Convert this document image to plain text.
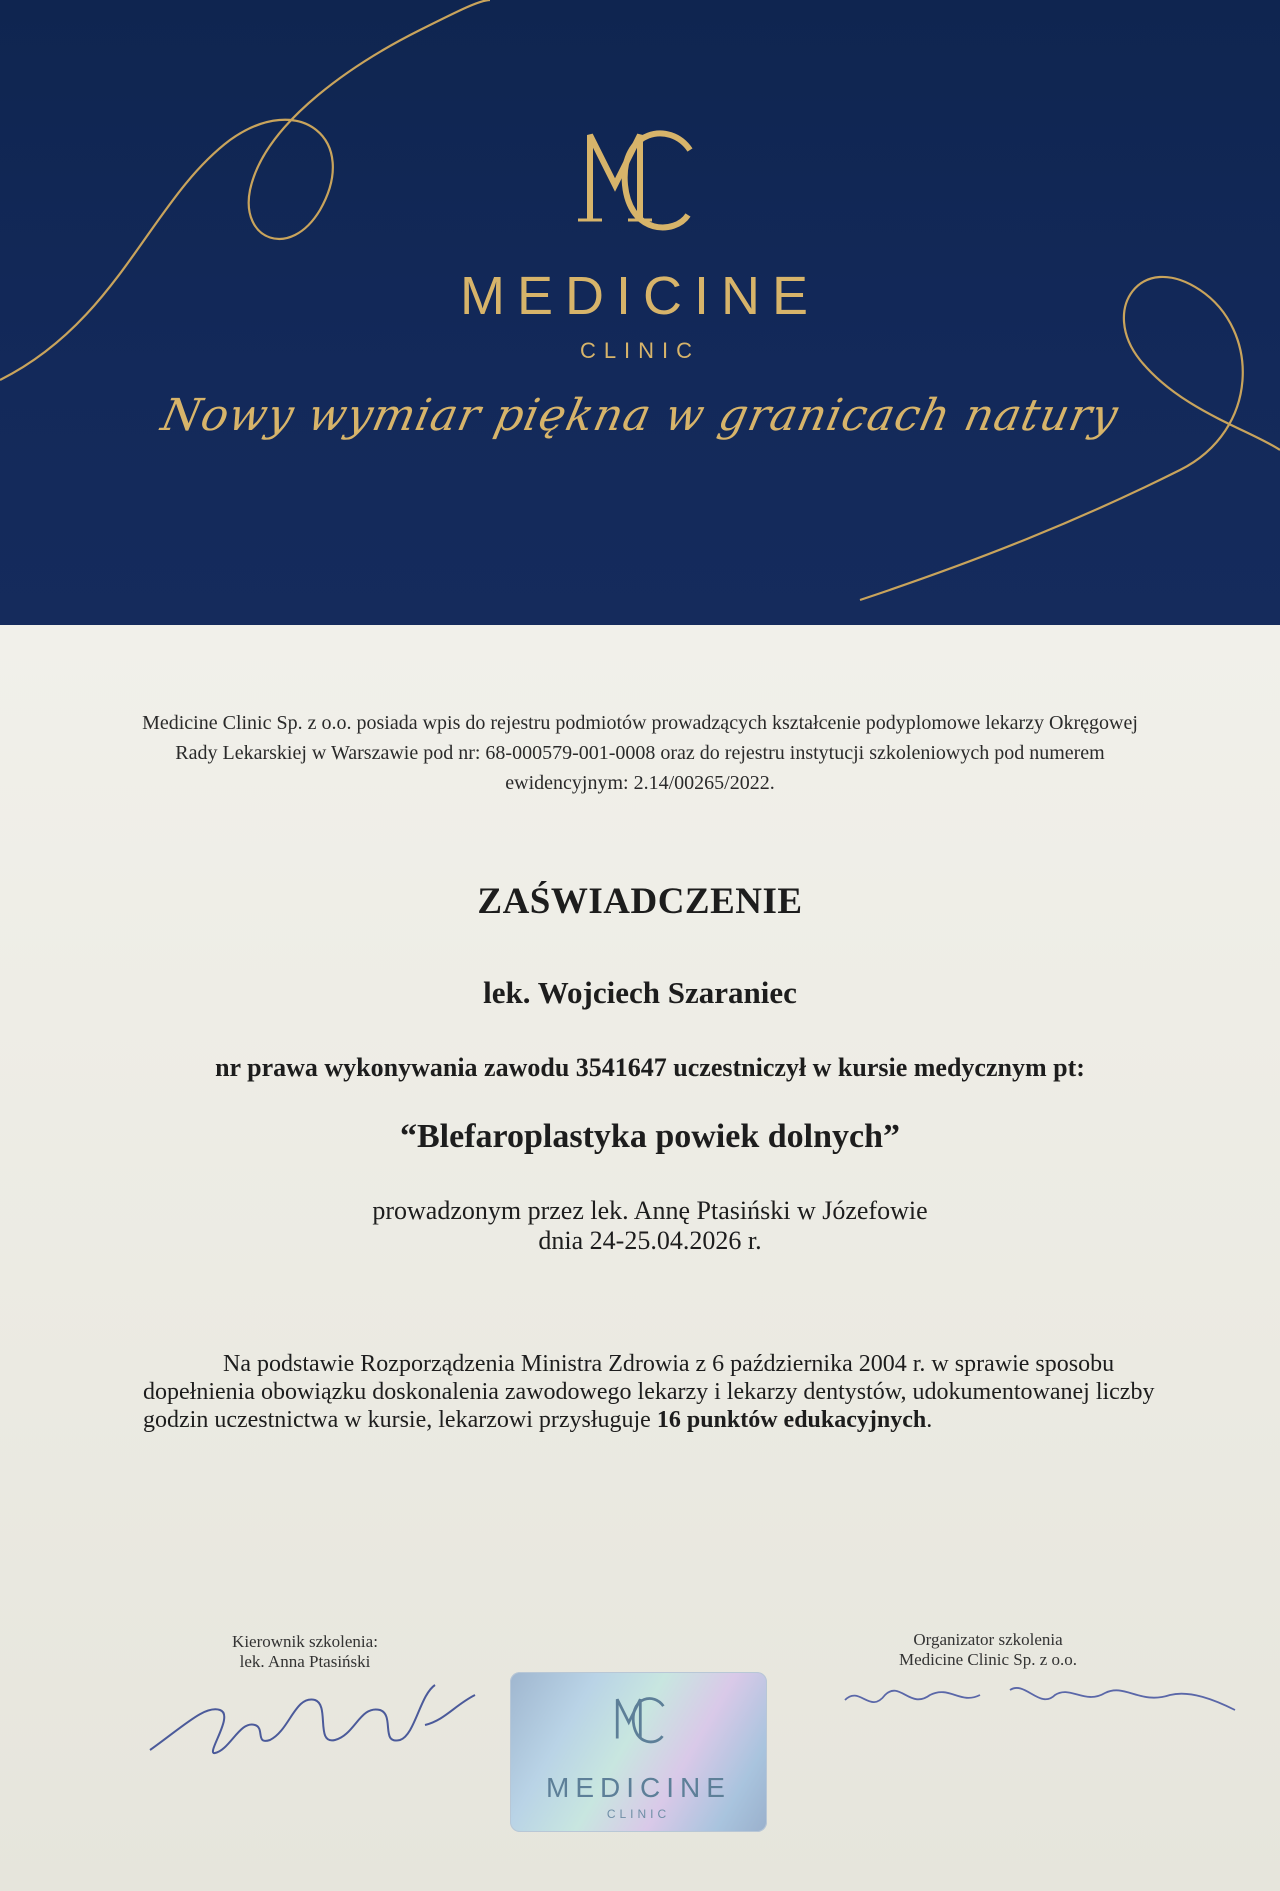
MEDICINE
CLINIC
Nowy wymiar piękna w granicach natury
Medicine Clinic Sp. z o.o. posiada wpis do rejestru podmiotów prowadzących kształcenie podyplomowe lekarzy Okręgowej Rady Lekarskiej w Warszawie pod nr: 68-000579-001-0008 oraz do rejestru instytucji szkoleniowych pod numerem ewidencyjnym: 2.14/00265/2022.
ZAŚWIADCZENIE
lek. Wojciech Szaraniec
nr prawa wykonywania zawodu 3541647 uczestniczył w kursie medycznym pt:
“Blefaroplastyka powiek dolnych”
prowadzonym przez lek. Annę Ptasiński w Józefowie
dnia 24-25.04.2026 r.
Na podstawie Rozporządzenia Ministra Zdrowia z 6 października 2004 r. w sprawie sposobu dopełnienia obowiązku doskonalenia zawodowego lekarzy i lekarzy dentystów, udokumentowanej liczby godzin uczestnictwa w kursie, lekarzowi przysługuje 16 punktów edukacyjnych.
Kierownik szkolenia:
lek. Anna Ptasiński
Organizator szkolenia
Medicine Clinic Sp. z o.o.
MEDICINE
CLINIC
